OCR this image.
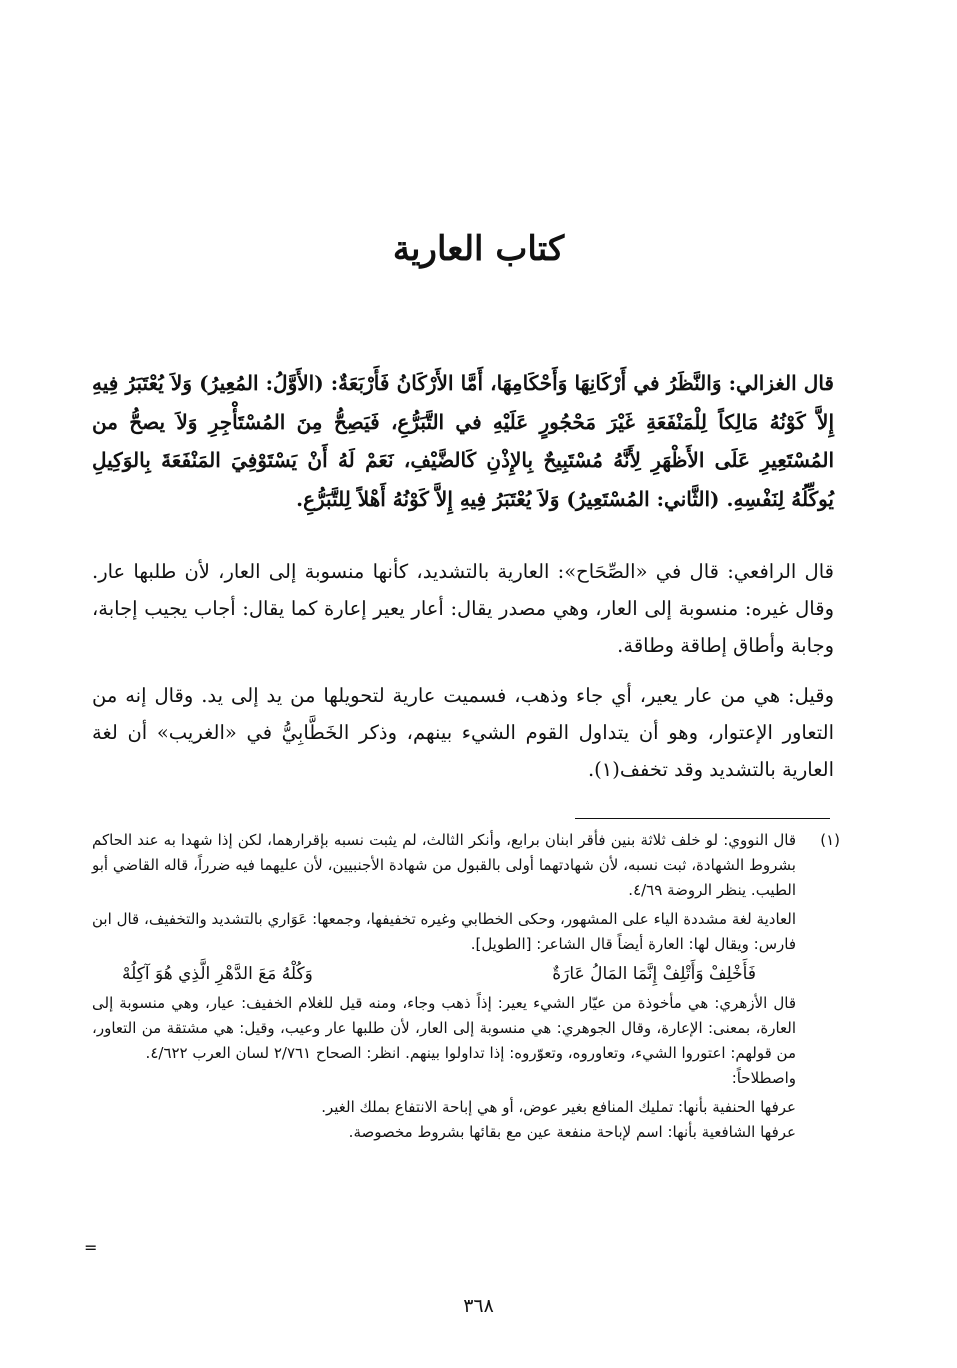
كتاب العارية

قال الغزالي: وَالنَّظَرُ في أَرْكَانِهَا وَأَحْكَامِهَا، أَمَّا الأَرْكَانُ فَأَرْبَعَةٌ: (الأَوَّلُ: المُعِيرُ) وَلاَ يُعْتَبَرُ فِيهِ إِلاَّ كَوْنُهُ مَالِكاً لِلْمَنْفَعَةِ غَيْرَ مَحْجُورٍ عَلَيْهِ في التَّبَرُّعِ، فَيَصِحُّ مِنَ المُسْتَأْجِرِ وَلاَ يصحُّ من المُسْتَعِيرِ عَلَى الأَظْهَرِ لِأَنَّهُ مُسْتَبِيحٌ بِالإِذْنِ كَالضَّيْفِ، نَعَمْ لَهُ أَنْ يَسْتَوْفِيَ المَنْفَعَةَ بِالوَكِيلِ يُوكِّلُهُ لِنَفْسِهِ. (الثَّاني: المُسْتَعِيرُ) وَلاَ يُعْتَبَرُ فِيهِ إِلاَّ كَوْنُهُ أَهْلاً لِلتَّبَرُّعِ.

قال الرافعي: قال في «الصِّحَاح»: العارية بالتشديد، كأنها منسوبة إلى العار، لأن طلبها عار. وقال غيره: منسوبة إلى العار، وهي مصدر يقال: أعار يعير إعارة كما يقال: أجاب يجيب إجابة، وجابة وأطاق إطاقة وطاقة.

وقيل: هي من عار يعير، أي جاء وذهب، فسميت عارية لتحويلها من يد إلى يد. وقال إنه من التعاور الإعتوار، وهو أن يتداول القوم الشيء بينهم، وذكر الخَطَّابِيُّ في «الغريب» أن لغة العارية بالتشديد وقد تخفف(١).

(١)

قال النووي: لو خلف ثلاثة بنين فأقر ابنان برابع، وأنكر الثالث، لم يثبت نسبه بإقرارهما، لكن إذا شهدا به عند الحاكم بشروط الشهادة، ثبت نسبه، لأن شهادتهما أولى بالقبول من شهادة الأجنبيين، لأن عليهما فيه ضرراً، قاله القاضي أبو الطيب. ينظر الروضة ٤/٦٩.

العادية لغة مشددة الياء على المشهور، وحكى الخطابي وغيره تخفيفها، وجمعها: عَوَاري بالتشديد والتخفيف، قال ابن فارس: ويقال لها: العارة أيضاً قال الشاعر: [الطويل].

فَأَخْلِفْ وَأَتْلِفْ إِنَّمَا المَالُ عَارَةٌ
وَكُلْهُ مَعَ الدَّهْرِ الَّذِي هُوَ آكِلُهْ

قال الأزهري: هي مأخوذة من عيّار الشيء يعير: إذاً ذهب وجاء، ومنه قيل للغلام الخفيف: عيار، وهي منسوبة إلى العارة، بمعنى: الإعارة، وقال الجوهري: هي منسوبة إلى العار، لأن طلبها عار وعيب، وقيل: هي مشتقة من التعاور، من قولهم: اعتوروا الشيء، وتعاوروه، وتعوّروه: إذا تداولوا بينهم. انظر: الصحاح ٢/٧٦١ لسان العرب ٤/٦٢٢.

واصطلاحاً:

عرفها الحنفية بأنها: تمليك المنافع بغير عوض، أو هي إباحة الانتفاع بملك الغير.

عرفها الشافعية بأنها: اسم لإباحة منفعة عين مع بقائها بشروط مخصوصة.

=
٣٦٨
